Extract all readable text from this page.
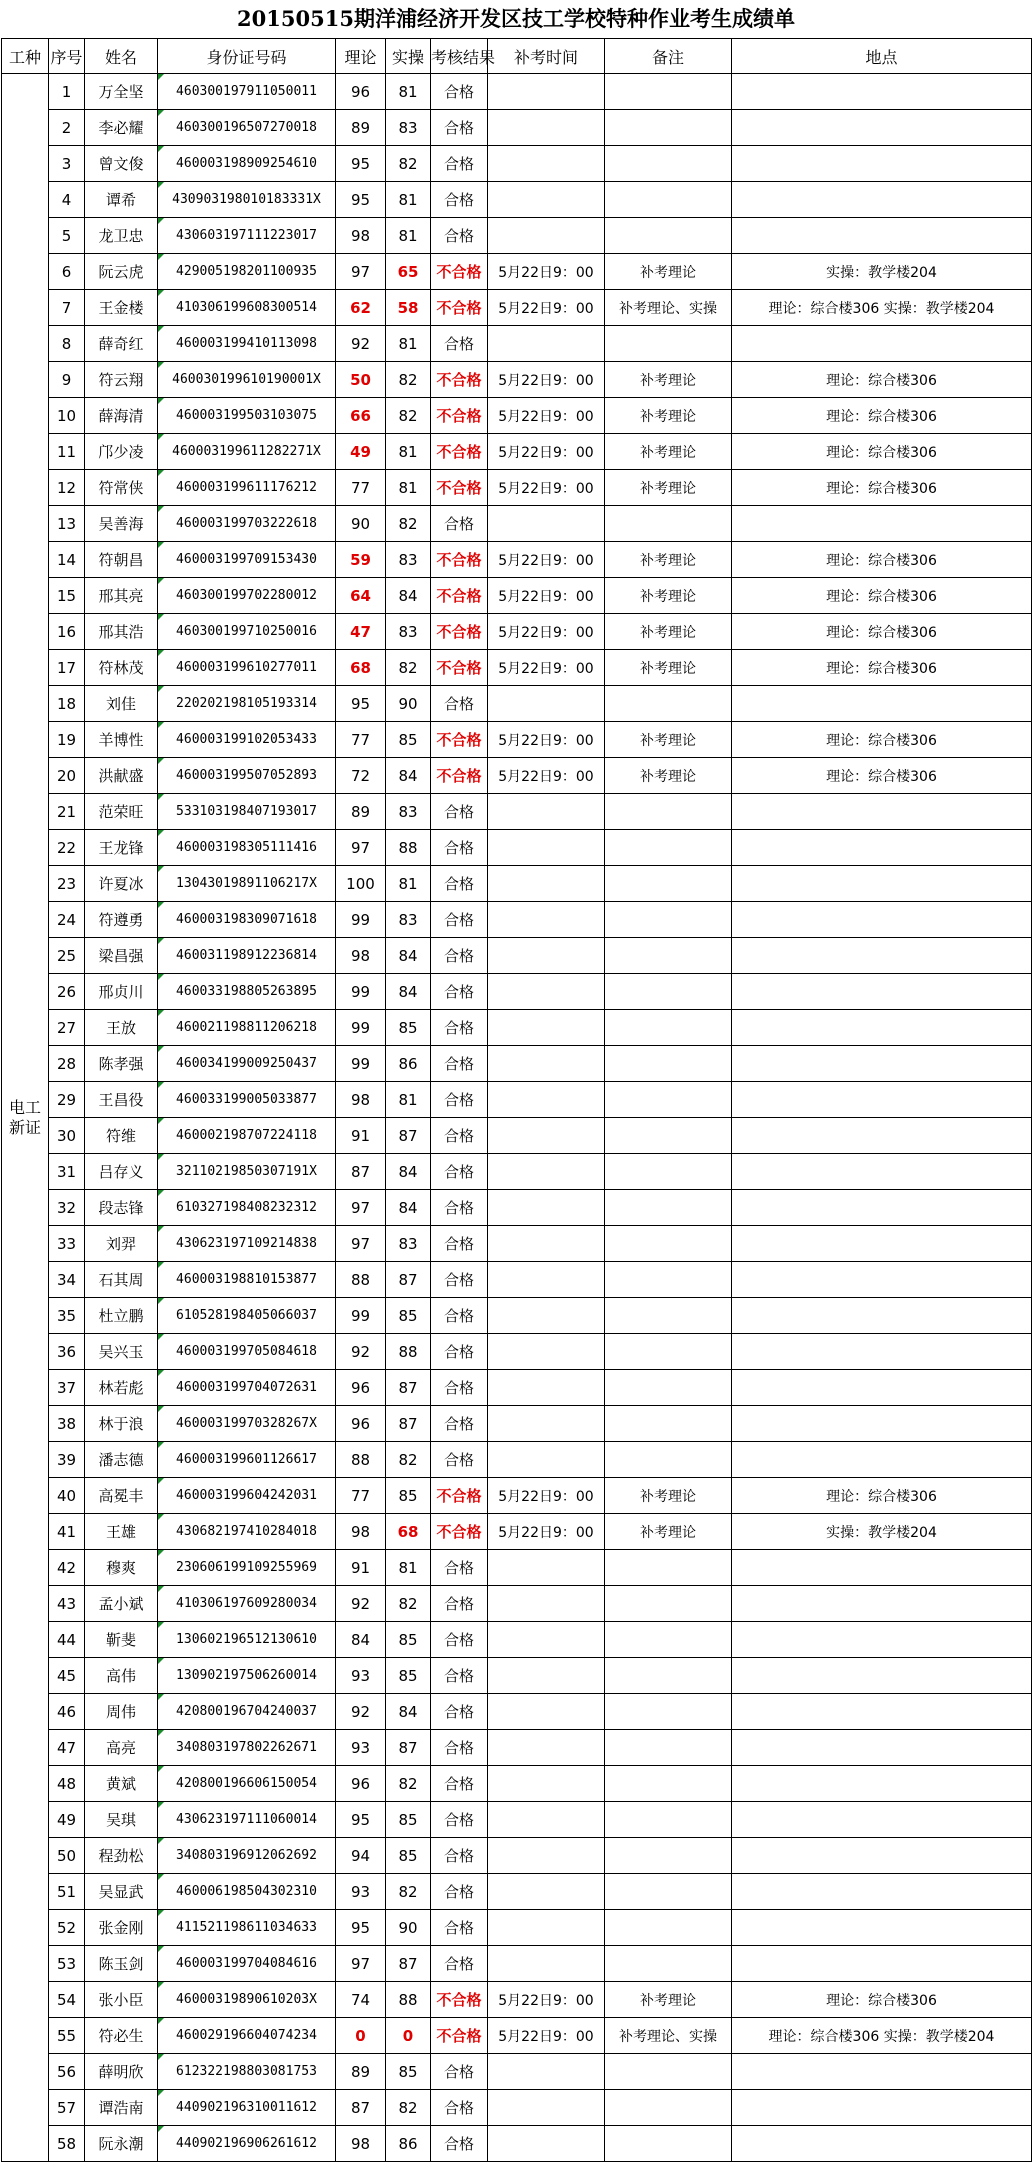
20150515期洋浦经济开发区技工学校特种作业考生成绩单
工种	序号	姓名	身份证号码	理论	实操	考核结果	补考时间	备注	地点

电工
新证	1	万全坚	460300197911050011	96	81	合格			
	2	李必耀	460300196507270018	89	83	合格			
	3	曾文俊	460003198909254610	95	82	合格			
	4	谭希	430903198010183331X	95	81	合格			
	5	龙卫忠	430603197111223017	98	81	合格			
	6	阮云虎	429005198201100935	97	65	不合格	5月22日9：00	补考理论	实操：教学楼204
	7	王金楼	410306199608300514	62	58	不合格	5月22日9：00	补考理论、实操	理论：综合楼306 实操：教学楼204
	8	薛奇红	460003199410113098	92	81	合格			
	9	符云翔	460030199610190001X	50	82	不合格	5月22日9：00	补考理论	理论：综合楼306
	10	薛海清	460003199503103075	66	82	不合格	5月22日9：00	补考理论	理论：综合楼306
	11	邝少凌	460003199611282271X	49	81	不合格	5月22日9：00	补考理论	理论：综合楼306
	12	符常侠	460003199611176212	77	81	不合格	5月22日9：00	补考理论	理论：综合楼306
	13	吴善海	460003199703222618	90	82	合格			
	14	符朝昌	460003199709153430	59	83	不合格	5月22日9：00	补考理论	理论：综合楼306
	15	邢其亮	460300199702280012	64	84	不合格	5月22日9：00	补考理论	理论：综合楼306
	16	邢其浩	460300199710250016	47	83	不合格	5月22日9：00	补考理论	理论：综合楼306
	17	符林茂	460003199610277011	68	82	不合格	5月22日9：00	补考理论	理论：综合楼306
	18	刘佳	220202198105193314	95	90	合格			
	19	羊博性	460003199102053433	77	85	不合格	5月22日9：00	补考理论	理论：综合楼306
	20	洪献盛	460003199507052893	72	84	不合格	5月22日9：00	补考理论	理论：综合楼306
	21	范荣旺	533103198407193017	89	83	合格			
	22	王龙锋	460003198305111416	97	88	合格			
	23	许夏冰	13043019891106217X	100	81	合格			
	24	符遵勇	460003198309071618	99	83	合格			
	25	梁昌强	460031198912236814	98	84	合格			
	26	邢贞川	460033198805263895	99	84	合格			
	27	王放	460021198811206218	99	85	合格			
	28	陈孝强	460034199009250437	99	86	合格			
	29	王昌役	460033199005033877	98	81	合格			
	30	符维	460002198707224118	91	87	合格			
	31	吕存义	32110219850307191X	87	84	合格			
	32	段志锋	610327198408232312	97	84	合格			
	33	刘羿	430623197109214838	97	83	合格			
	34	石其周	460003198810153877	88	87	合格			
	35	杜立鹏	610528198405066037	99	85	合格			
	36	吴兴玉	460003199705084618	92	88	合格			
	37	林若彪	460003199704072631	96	87	合格			
	38	林于浪	46000319970328267X	96	87	合格			
	39	潘志德	460003199601126617	88	82	合格			
	40	高冕丰	460003199604242031	77	85	不合格	5月22日9：00	补考理论	理论：综合楼306
	41	王雄	430682197410284018	98	68	不合格	5月22日9：00	补考理论	实操：教学楼204
	42	穆爽	230606199109255969	91	81	合格			
	43	孟小斌	410306197609280034	92	82	合格			
	44	靳斐	130602196512130610	84	85	合格			
	45	高伟	130902197506260014	93	85	合格			
	46	周伟	420800196704240037	92	84	合格			
	47	高亮	340803197802262671	93	87	合格			
	48	黄斌	420800196606150054	96	82	合格			
	49	吴琪	430623197111060014	95	85	合格			
	50	程劲松	340803196912062692	94	85	合格			
	51	吴显武	460006198504302310	93	82	合格			
	52	张金刚	411521198611034633	95	90	合格			
	53	陈玉剑	460003199704084616	97	87	合格			
	54	张小臣	46000319890610203X	74	88	不合格	5月22日9：00	补考理论	理论：综合楼306
	55	符必生	460029196604074234	0	0	不合格	5月22日9：00	补考理论、实操	理论：综合楼306 实操：教学楼204
	56	薛明欣	612322198803081753	89	85	合格			
	57	谭浩南	440902196310011612	87	82	合格			
	58	阮永潮	440902196906261612	98	86	合格			
